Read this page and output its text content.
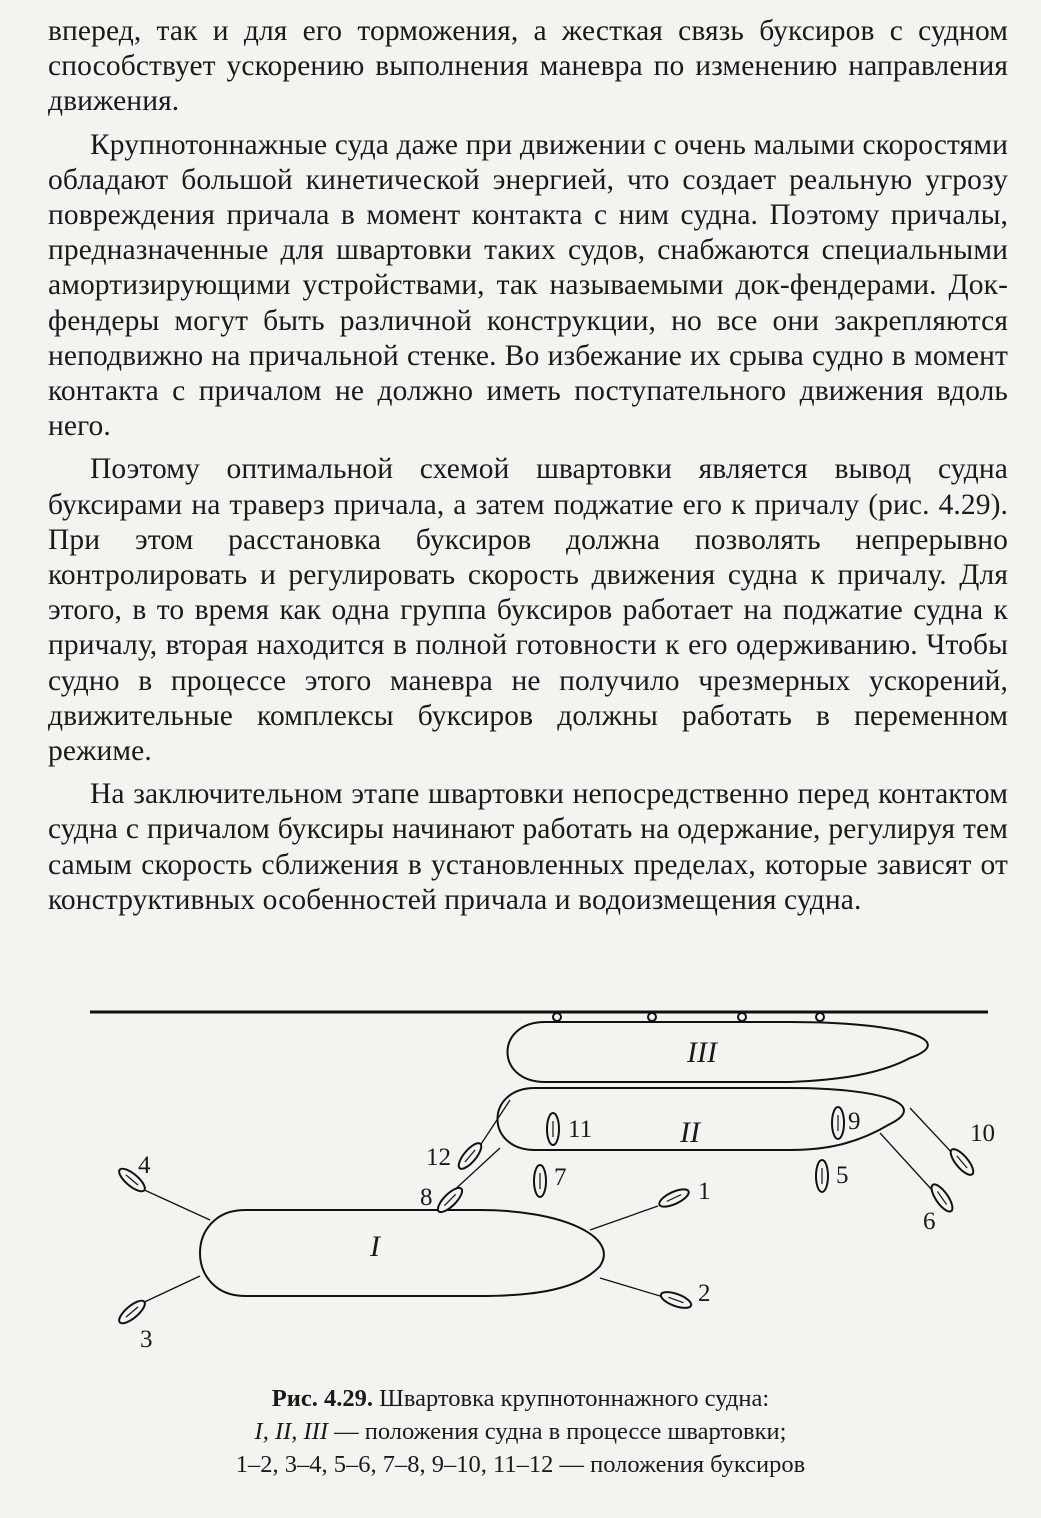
вперед, так и для его торможения, а жесткая связь буксиров с судном способствует ускорению выполнения маневра по изменению направления движения.

Крупнотоннажные суда даже при движении с очень малыми скоростями обладают большой кинетической энергией, что создает реальную угрозу повреждения причала в момент контакта с ним судна. Поэтому причалы, предназначенные для швартовки таких судов, снабжаются специальными амортизирующими устройствами, так называемыми док-фендерами. Док-фендеры могут быть различной конструкции, но все они закрепляются неподвижно на причальной стенке. Во избежание их срыва судно в момент контакта с причалом не должно иметь поступательного движения вдоль него.

Поэтому оптимальной схемой швартовки является вывод судна буксирами на траверз причала, а затем поджатие его к причалу (рис. 4.29). При этом расстановка буксиров должна позволять непрерывно контролировать и регулировать скорость движения судна к причалу. Для этого, в то время как одна группа буксиров работает на поджатие судна к причалу, вторая находится в полной готовности к его одерживанию. Чтобы судно в процессе этого маневра не получило чрезмерных ускорений, движительные комплексы буксиров должны работать в переменном режиме.

На заключительном этапе швартовки непосредственно перед контактом судна с причалом буксиры начинают работать на одержание, регулируя тем самым скорость сближения в установленных пределах, которые зависят от конструктивных особенностей причала и водоизмещения судна.

III
II
I
1
2
3
4	5
6
7
8
9	10
11
12
Рис. 4.29. Швартовка крупнотоннажного судна:
I, II, III — положения судна в процессе швартовки;
1–2, 3–4, 5–6, 7–8, 9–10, 11–12 — положения буксиров
